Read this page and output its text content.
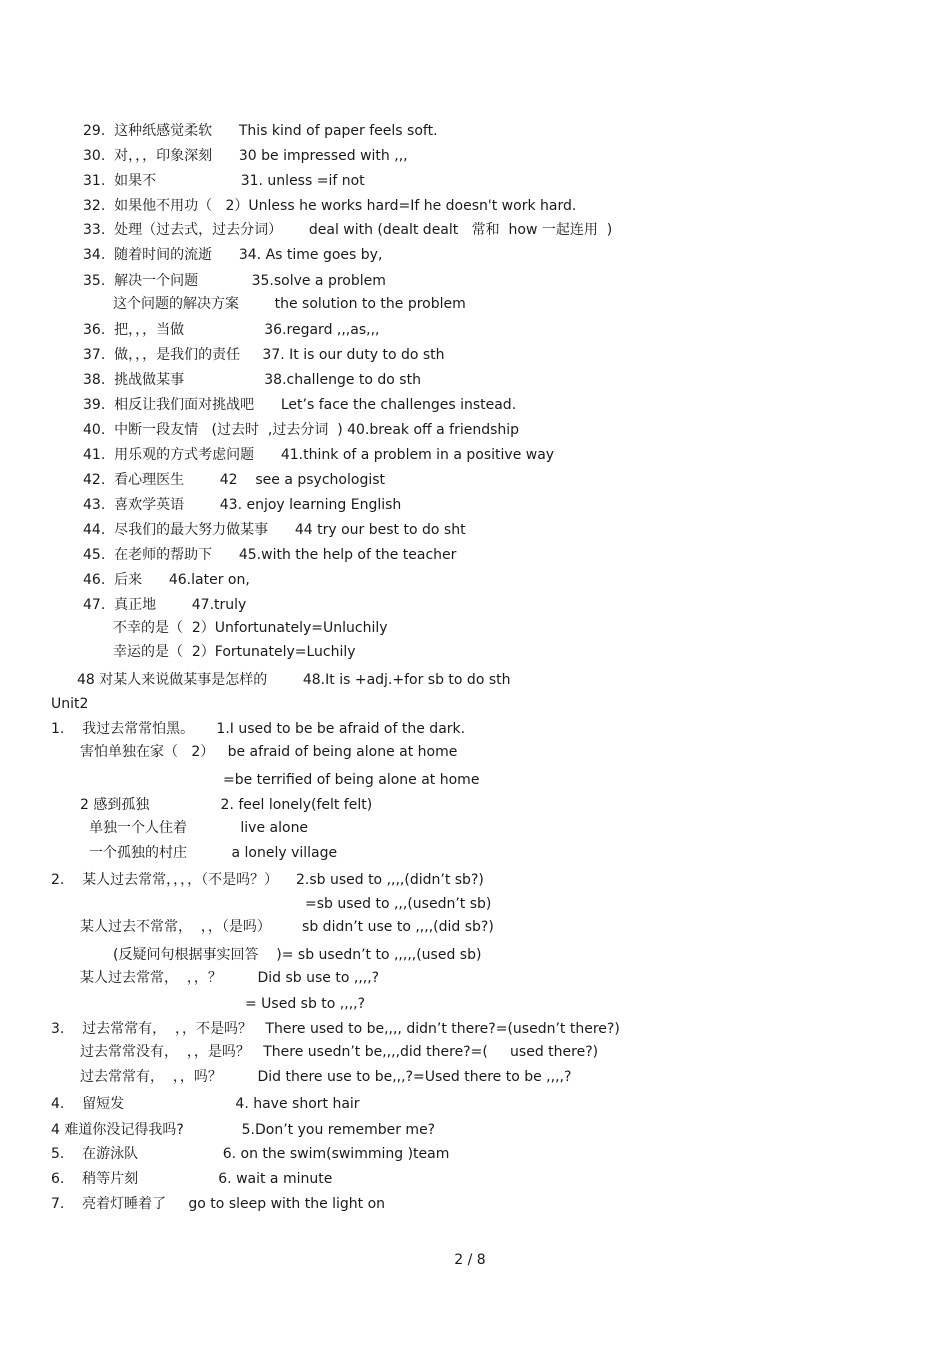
29.  这种纸感觉柔软      This kind of paper feels soft.
30.  对，，，印象深刻      30 be impressed with ,,,
31.  如果不                   31. unless =if not
32.  如果他不用功（   2）Unless he works hard=If he doesn't work hard.
33.  处理（过去式，过去分词）      deal with (dealt dealt   常和  how 一起连用  )
34.  随着时间的流逝      34. As time goes by,
35.  解决一个问题            35.solve a problem
这个问题的解决方案        the solution to the problem
36.  把，，，当做                  36.regard ,,,as,,,
37.  做，，，是我们的责任     37. It is our duty to do sth
38.  挑战做某事                  38.challenge to do sth
39.  相反让我们面对挑战吧      Let’s face the challenges instead.
40.  中断一段友情   (过去时  ,过去分词  ) 40.break off a friendship
41.  用乐观的方式考虑问题      41.think of a problem in a positive way
42.  看心理医生        42    see a psychologist
43.  喜欢学英语        43. enjoy learning English
44.  尽我们的最大努力做某事      44 try our best to do sht
45.  在老师的帮助下      45.with the help of the teacher
46.  后来      46.later on,
47.  真正地        47.truly
不幸的是（  2）Unfortunately=Unluchily
幸运的是（  2）Fortunately=Luchily
48 对某人来说做某事是怎样的        48.It is +adj.+for sb to do sth
Unit2
1.    我过去常常怕黑。     1.I used to be be afraid of the dark.
害怕单独在家（   2）   be afraid of being alone at home
=be terrified of being alone at home
2 感到孤独                2. feel lonely(felt felt)
单独一个人住着            live alone
一个孤独的村庄          a lonely village
2.    某人过去常常，，，，（不是吗？）    2.sb used to ,,,,(didn’t sb?)
=sb used to ,,,(usedn’t sb)
某人过去不常常，  ，，（是吗）       sb didn’t use to ,,,,(did sb?)
(反疑问句根据事实回答    )= sb usedn’t to ,,,,,(used sb)
某人过去常常，  ，，？        Did sb use to ,,,,?
= Used sb to ,,,,?
3.    过去常常有，  ，，不是吗？   There used to be,,,, didn’t there?=(usedn’t there?)
过去常常没有，  ，，是吗？   There usedn’t be,,,,did there?=(     used there?)
过去常常有，  ，，吗？        Did there use to be,,,?=Used there to be ,,,,?
4.    留短发                         4. have short hair
4 难道你没记得我吗?             5.Don’t you remember me?
5.    在游泳队                   6. on the swim(swimming )team
6.    稍等片刻                  6. wait a minute
7.    亮着灯睡着了     go to sleep with the light on
2 / 8
